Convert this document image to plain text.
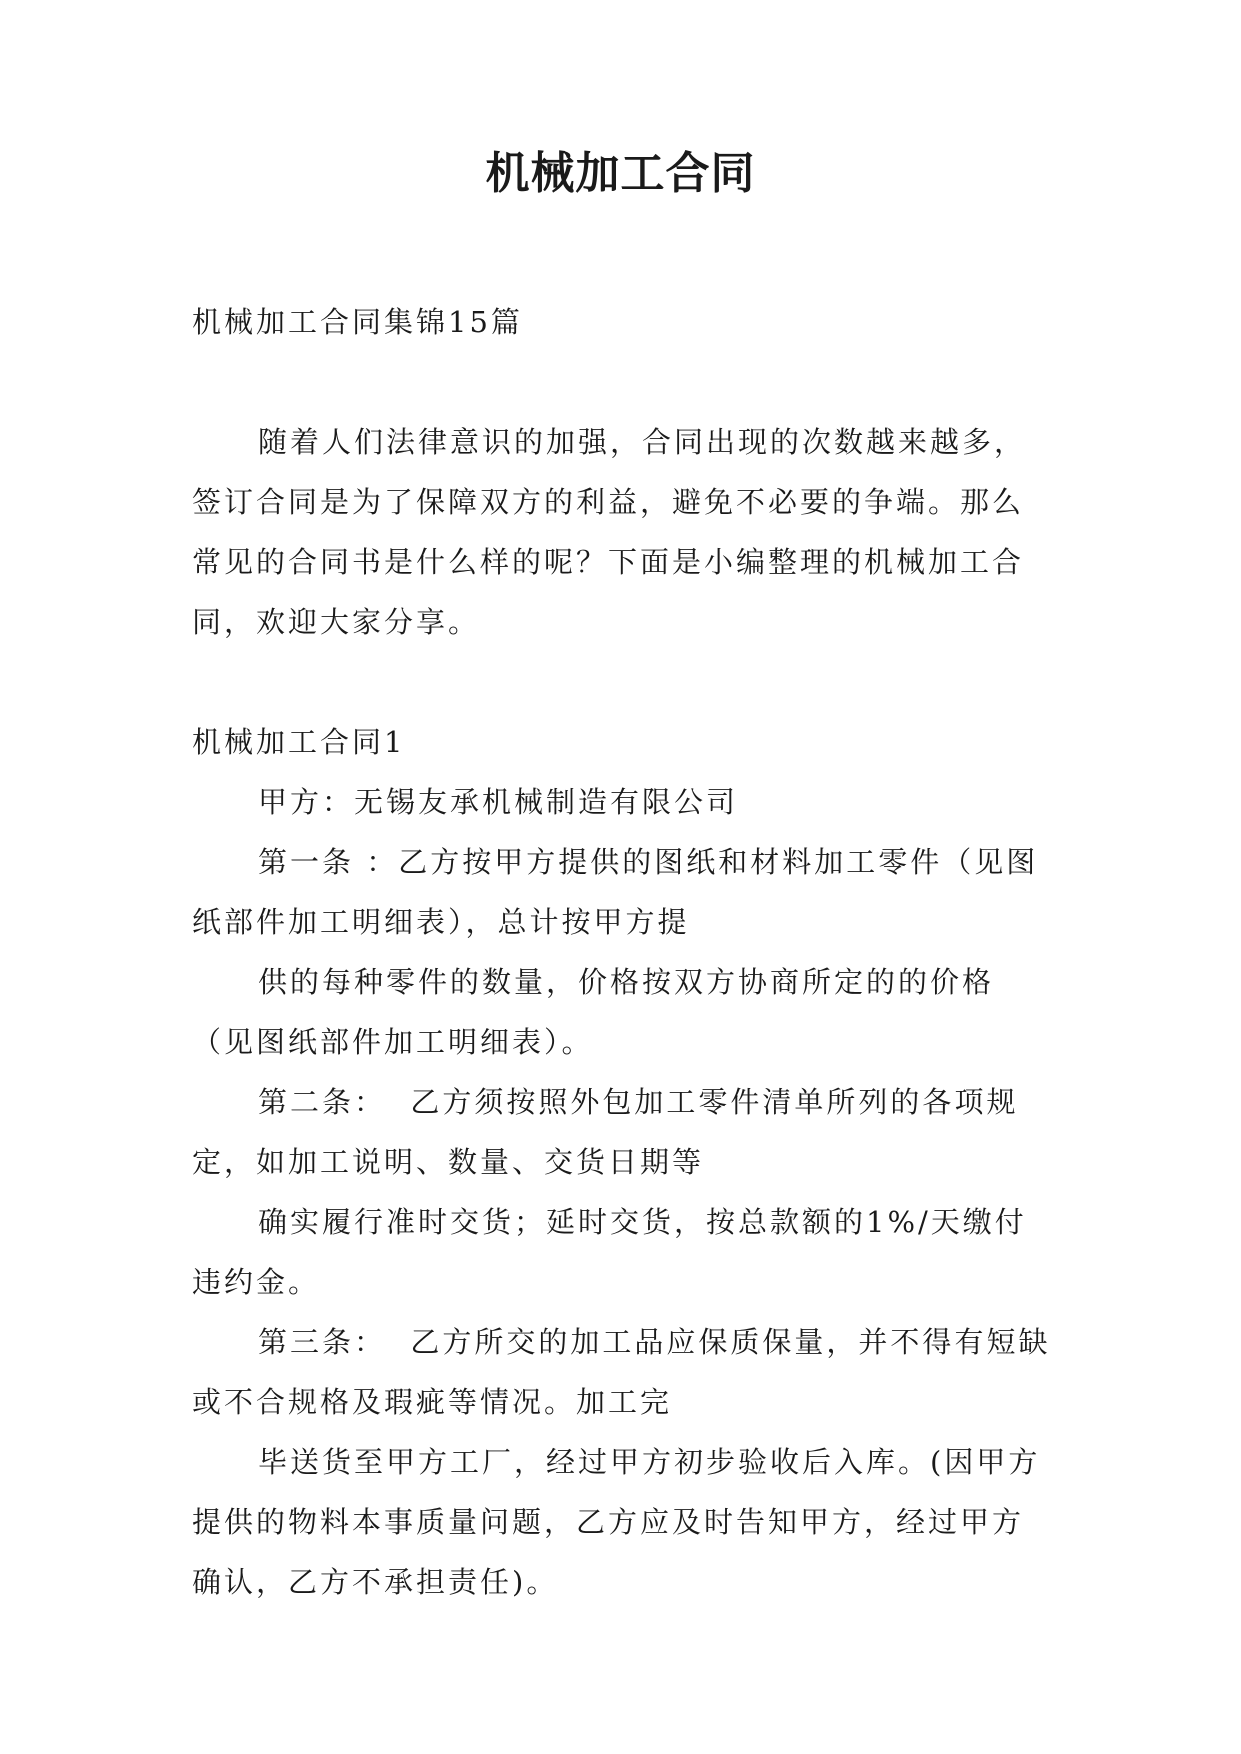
机械加工合同

机械加工合同集锦15篇

随着人们法律意识的加强，合同出现的次数越来越多，签订合同是为了保障双方的利益，避免不必要的争端。那么常见的合同书是什么样的呢？下面是小编整理的机械加工合同，欢迎大家分享。

机械加工合同1

甲方：无锡友承机械制造有限公司

第一条 ：乙方按甲方提供的图纸和材料加工零件（见图纸部件加工明细表），总计按甲方提

供的每种零件的数量，价格按双方协商所定的的价格（见图纸部件加工明细表）。

第二条：  乙方须按照外包加工零件清单所列的各项规定，如加工说明、数量、交货日期等

确实履行准时交货；延时交货，按总款额的1%/天缴付违约金。

第三条：  乙方所交的加工品应保质保量，并不得有短缺或不合规格及瑕疵等情况。加工完

毕送货至甲方工厂，经过甲方初步验收后入库。(因甲方提供的物料本事质量问题，乙方应及时告知甲方，经过甲方确认，乙方不承担责任)。
